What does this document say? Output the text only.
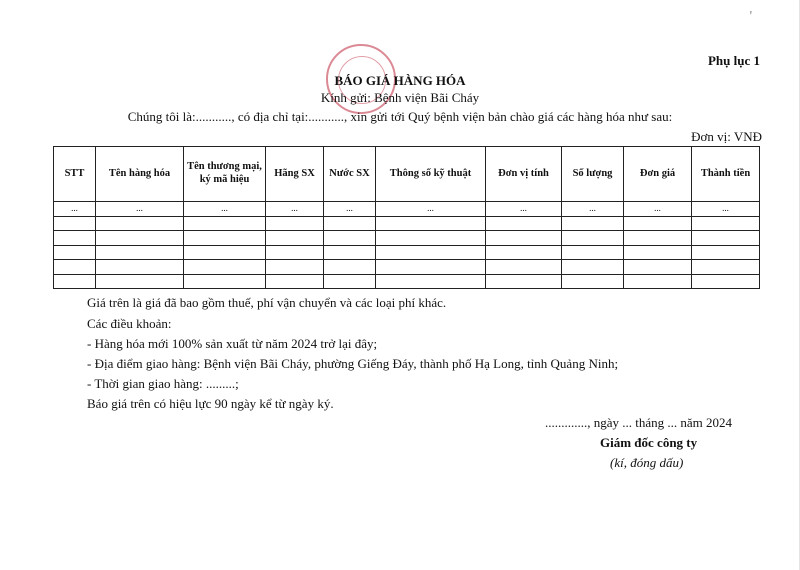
ꞌ
Phụ lục 1
BÁO GIÁ HÀNG HÓA
Kính gửi: Bệnh viện Bãi Cháy
Chúng tôi là:..........., có địa chỉ tại:..........., xin gửi tới Quý bệnh viện bản chào giá các hàng hóa như sau:
Đơn vị: VNĐ
STT	Tên hàng hóa	Tên thương mại, ký mã hiệu	Hãng SX	Nước SX	Thông số kỹ thuật	Đơn vị tính	Số lượng	Đơn giá	Thành tiền
...	...	...	...	...	...	...	...	...	...

Giá trên là giá đã bao gồm thuế, phí vận chuyển và các loại phí khác.
Các điều khoản:
- Hàng hóa mới 100% sản xuất từ năm 2024 trở lại đây;
- Địa điểm giao hàng: Bệnh viện Bãi Cháy, phường Giếng Đáy, thành phố Hạ Long, tỉnh Quảng Ninh;
- Thời gian giao hàng: .........;
Báo giá trên có hiệu lực 90 ngày kể từ ngày ký.
............., ngày ... tháng ... năm 2024
Giám đốc công ty
(kí, đóng dấu)
